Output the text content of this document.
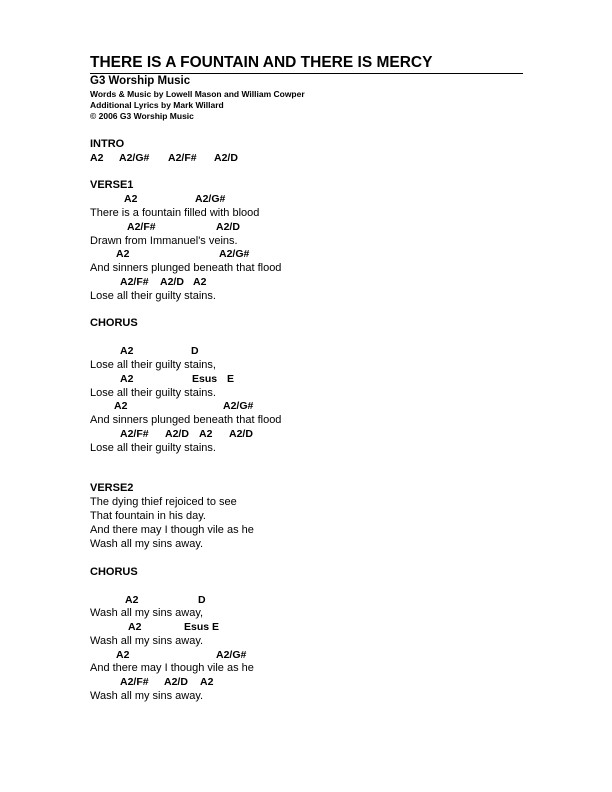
THERE IS A FOUNTAIN AND THERE IS MERCY
G3 Worship Music
Words & Music by Lowell Mason and William Cowper
Additional Lyrics by Mark Willard
© 2006 G3 Worship Music
INTRO
A2 A2/G# A2/F# A2/D
VERSE1
A2	A2/G#
There is a fountain filled with blood
A2/F#	A2/D
Drawn from Immanuel's veins.
A2	A2/G#
And sinners plunged beneath that flood
A2/F# A2/D A2
Lose all their guilty stains.
CHORUS
A2	D
Lose all their guilty stains,
A2	Esus E
Lose all their guilty stains.
A2	A2/G#
And sinners plunged beneath that flood
A2/F# A2/D A2 A2/D
Lose all their guilty stains.
VERSE2
The dying thief rejoiced to see
That fountain in his day.
And there may I though vile as he
Wash all my sins away.
CHORUS
A2	D
Wash all my sins away,
A2	Esus E
Wash all my sins away.
A2	A2/G#
And there may I though vile as he
A2/F# A2/D A2
Wash all my sins away.
